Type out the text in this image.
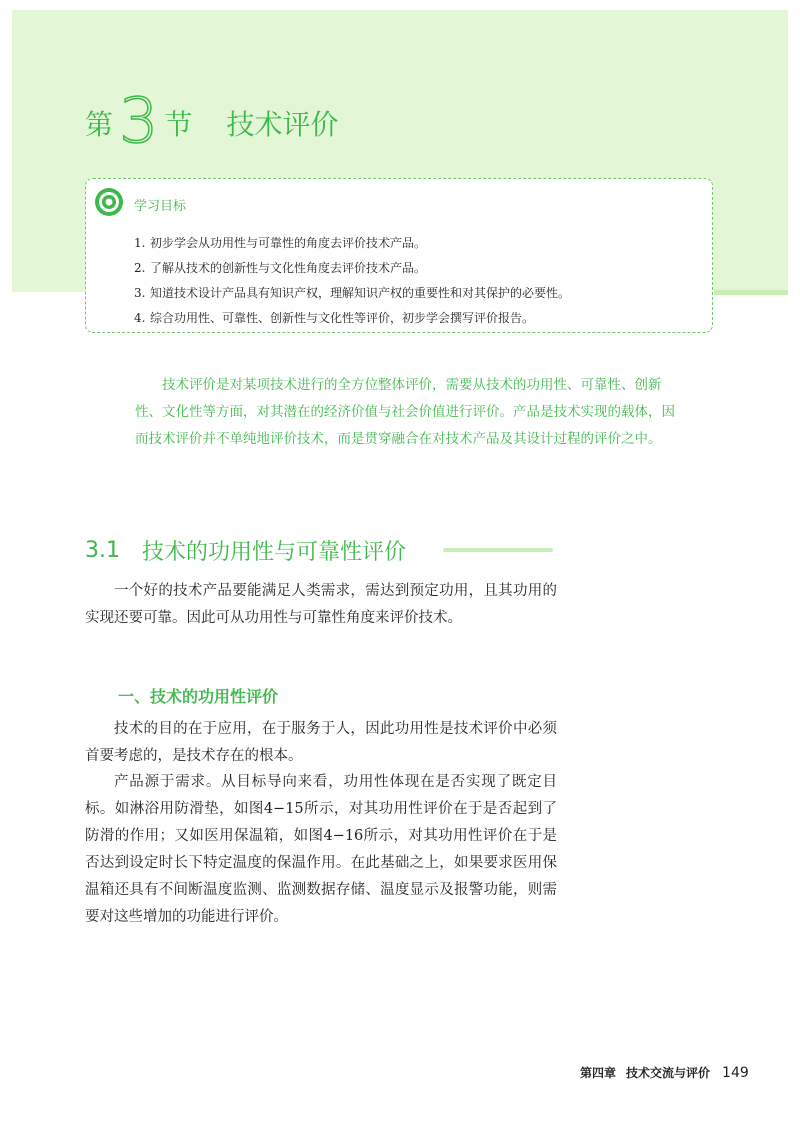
第 3 节 技术评价
学习目标
1. 初步学会从功用性与可靠性的角度去评价技术产品。
2. 了解从技术的创新性与文化性角度去评价技术产品。
3. 知道技术设计产品具有知识产权，理解知识产权的重要性和对其保护的必要性。
4. 综合功用性、可靠性、创新性与文化性等评价，初步学会撰写评价报告。

技术评价是对某项技术进行的全方位整体评价，需要从技术的功用性、可靠性、创新性、文化性等方面，对其潜在的经济价值与社会价值进行评价。产品是技术实现的载体，因而技术评价并不单纯地评价技术，而是贯穿融合在对技术产品及其设计过程的评价之中。

3.1 技术的功用性与可靠性评价

一个好的技术产品要能满足人类需求，需达到预定功用，且其功用的实现还要可靠。因此可从功用性与可靠性角度来评价技术。

一、技术的功用性评价

技术的目的在于应用，在于服务于人，因此功用性是技术评价中必须首要考虑的，是技术存在的根本。

产品源于需求。从目标导向来看，功用性体现在是否实现了既定目标。如淋浴用防滑垫，如图4−15所示，对其功用性评价在于是否起到了防滑的作用；又如医用保温箱，如图4−16所示，对其功用性评价在于是否达到设定时长下特定温度的保温作用。在此基础之上，如果要求医用保温箱还具有不间断温度监测、监测数据存储、温度显示及报警功能，则需要对这些增加的功能进行评价。

第四章 技术交流与评价 149
